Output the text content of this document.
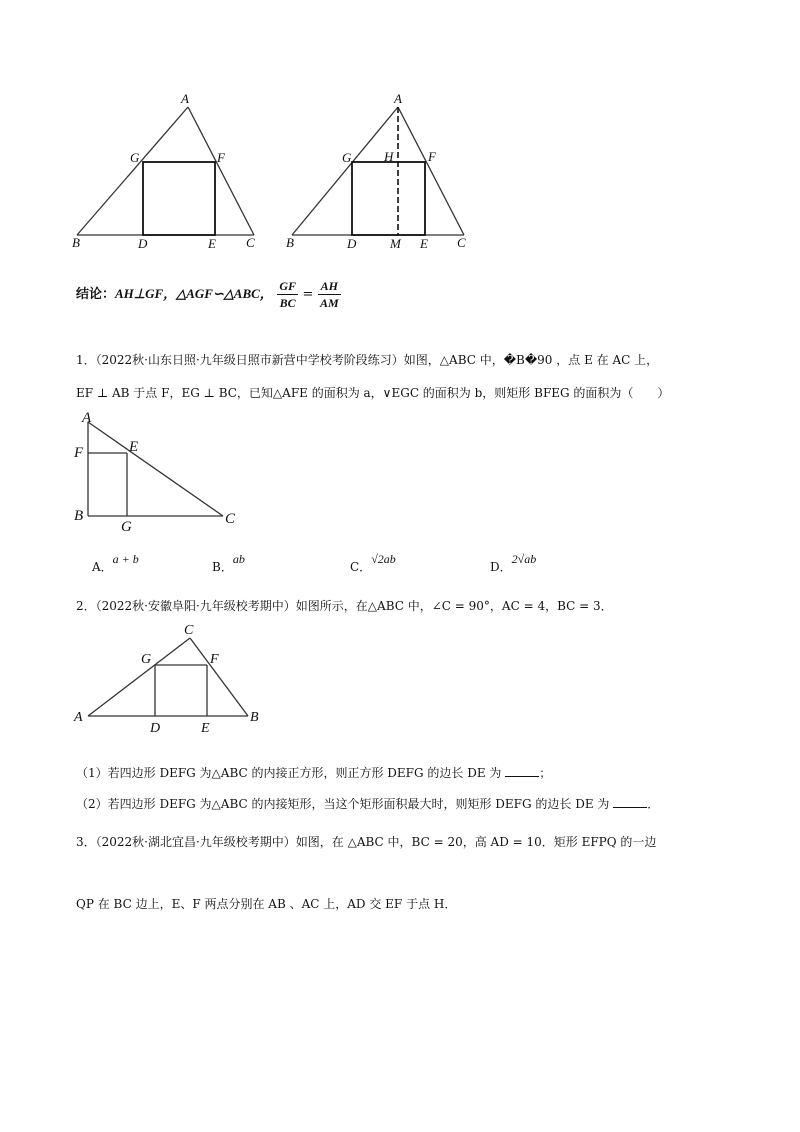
A
G	F
B	D	E C
A
G	H	F
B	D	M E C
结论：AH⊥GF，△AGF∽△ABC， $\frac{GF}{BC} = \frac{AH}{AM}$
1．（2022秋·山东日照·九年级日照市新营中学校考阶段练习）如图，△ABC 中，�B�90 ，点 E 在 AC 上，
EF ⊥ AB 于点 F，EG ⊥ BC，已知△AFE 的面积为 a，∨EGC 的面积为 b，则矩形 BFEG 的面积为（　　）
A
F	E
B
G	C
A．$^{a + b}$
B．$^{ab}$
C．$^{√2ab}$
D．$^{2√ab}$
2．（2022秋·安徽阜阳·九年级校考期中）如图所示，在△ABC 中，∠C = 90°，AC = 4，BC = 3．
C
G	F
A
D	E
B
（1）若四边形 DEFG 为△ABC 的内接正方形，则正方形 DEFG 的边长 DE 为	；
（2）若四边形 DEFG 为△ABC 的内接矩形，当这个矩形面积最大时，则矩形 DEFG 的边长 DE 为	．
3．（2022秋·湖北宜昌·九年级校考期中）如图，在 △ABC 中，BC = 20，高 AD = 10．矩形 EFPQ 的一边
QP 在 BC 边上，E、F 两点分别在 AB 、AC 上，AD 交 EF 于点 H．
